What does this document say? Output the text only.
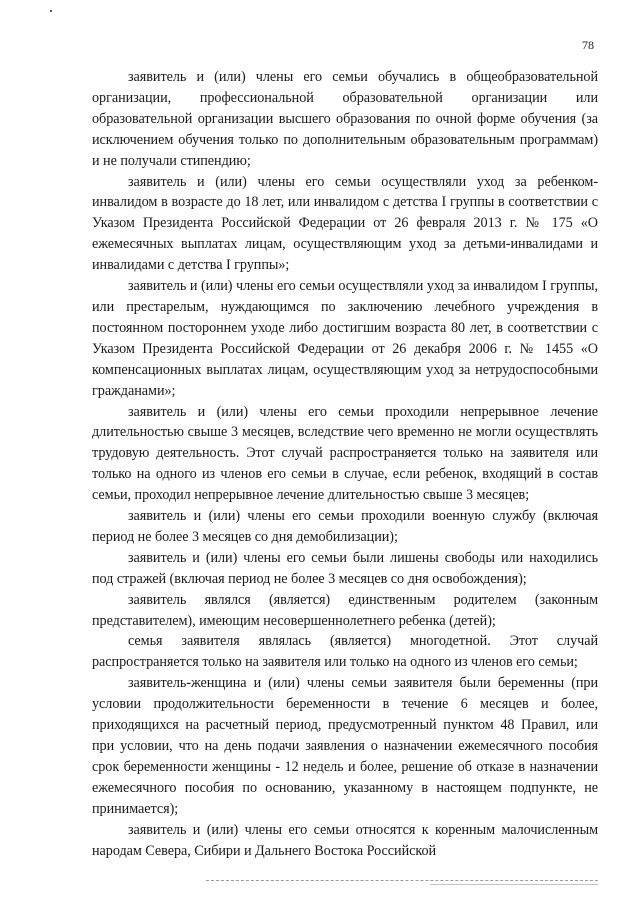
78

заявитель и (или) члены его семьи обучались в общеобразовательной организации, профессиональной образовательной организации или образовательной организации высшего образования по очной форме обучения (за исключением обучения только по дополнительным образовательным программам) и не получали стипендию;

заявитель и (или) члены его семьи осуществляли уход за ребенком-инвалидом в возрасте до 18 лет, или инвалидом с детства I группы в соответствии с Указом Президента Российской Федерации от 26 февраля 2013 г. № 175 «О ежемесячных выплатах лицам, осуществляющим уход за детьми-инвалидами и инвалидами с детства I группы»;

заявитель и (или) члены его семьи осуществляли уход за инвалидом I группы, или престарелым, нуждающимся по заключению лечебного учреждения в постоянном постороннем уходе либо достигшим возраста 80 лет, в соответствии с Указом Президента Российской Федерации от 26 декабря 2006 г. № 1455 «О компенсационных выплатах лицам, осуществляющим уход за нетрудоспособными гражданами»;

заявитель и (или) члены его семьи проходили непрерывное лечение длительностью свыше 3 месяцев, вследствие чего временно не могли осуществлять трудовую деятельность. Этот случай распространяется только на заявителя или только на одного из членов его семьи в случае, если ребенок, входящий в состав семьи, проходил непрерывное лечение длительностью свыше 3 месяцев;

заявитель и (или) члены его семьи проходили военную службу (включая период не более 3 месяцев со дня демобилизации);

заявитель и (или) члены его семьи были лишены свободы или находились под стражей (включая период не более 3 месяцев со дня освобождения);

заявитель являлся (является) единственным родителем (законным представителем), имеющим несовершеннолетнего ребенка (детей);

семья заявителя являлась (является) многодетной. Этот случай распространяется только на заявителя или только на одного из членов его семьи;

заявитель-женщина и (или) члены семьи заявителя были беременны (при условии продолжительности беременности в течение 6 месяцев и более, приходящихся на расчетный период, предусмотренный пунктом 48 Правил, или при условии, что на день подачи заявления о назначении ежемесячного пособия срок беременности женщины - 12 недель и более, решение об отказе в назначении ежемесячного пособия по основанию, указанному в настоящем подпункте, не принимается);

заявитель и (или) члены его семьи относятся к коренным малочисленным народам Севера, Сибири и Дальнего Востока Российской
